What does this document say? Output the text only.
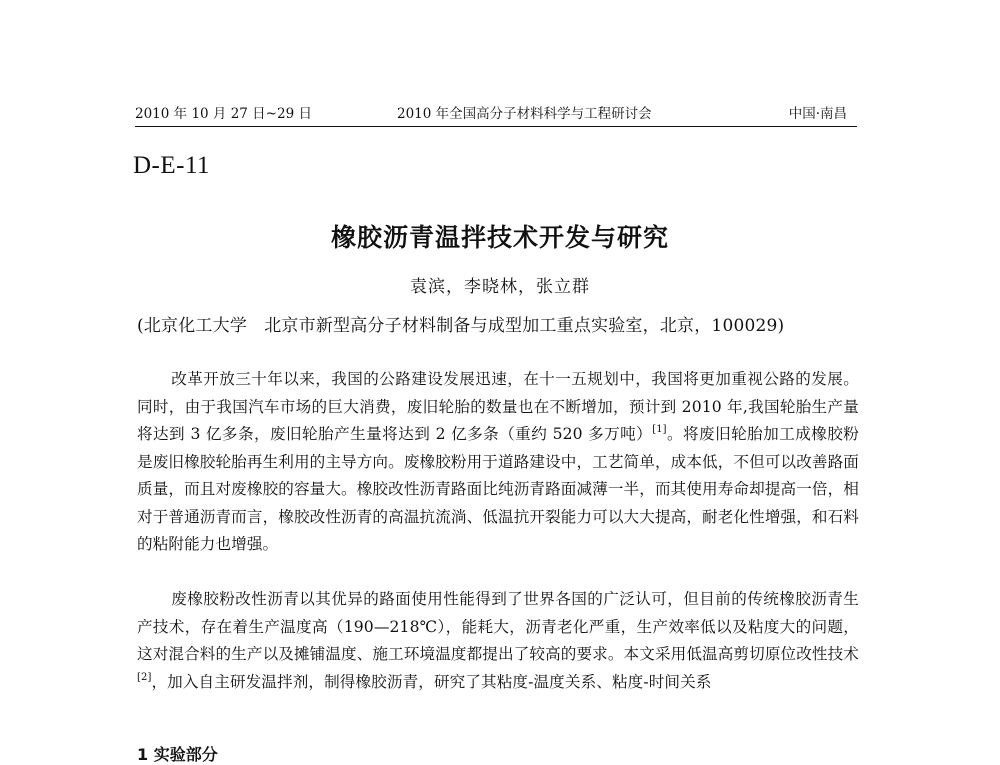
2010 年 10 月 27 日~29 日	2010 年全国高分子材料科学与工程研讨会	中国·南昌
D-E-11
橡胶沥青温拌技术开发与研究
袁滨，李晓林，张立群
(北京化工大学　北京市新型高分子材料制备与成型加工重点实验室，北京，100029)
改革开放三十年以来，我国的公路建设发展迅速，在十一五规划中，我国将更加重视公路的发展。同时，由于我国汽车市场的巨大消费，废旧轮胎的数量也在不断增加，预计到 2010 年,我国轮胎生产量将达到 3 亿多条，废旧轮胎产生量将达到 2 亿多条（重约 520 多万吨）[1]。将废旧轮胎加工成橡胶粉是废旧橡胶轮胎再生利用的主导方向。废橡胶粉用于道路建设中，工艺简单，成本低，不但可以改善路面质量，而且对废橡胶的容量大。橡胶改性沥青路面比纯沥青路面减薄一半，而其使用寿命却提高一倍，相对于普通沥青而言，橡胶改性沥青的高温抗流淌、低温抗开裂能力可以大大提高，耐老化性增强，和石料的粘附能力也增强。
废橡胶粉改性沥青以其优异的路面使用性能得到了世界各国的广泛认可，但目前的传统橡胶沥青生产技术，存在着生产温度高（190—218℃），能耗大，沥青老化严重，生产效率低以及粘度大的问题，这对混合料的生产以及摊铺温度、施工环境温度都提出了较高的要求。本文采用低温高剪切原位改性技术[2]，加入自主研发温拌剂，制得橡胶沥青，研究了其粘度-温度关系、粘度-时间关系
1 实验部分
